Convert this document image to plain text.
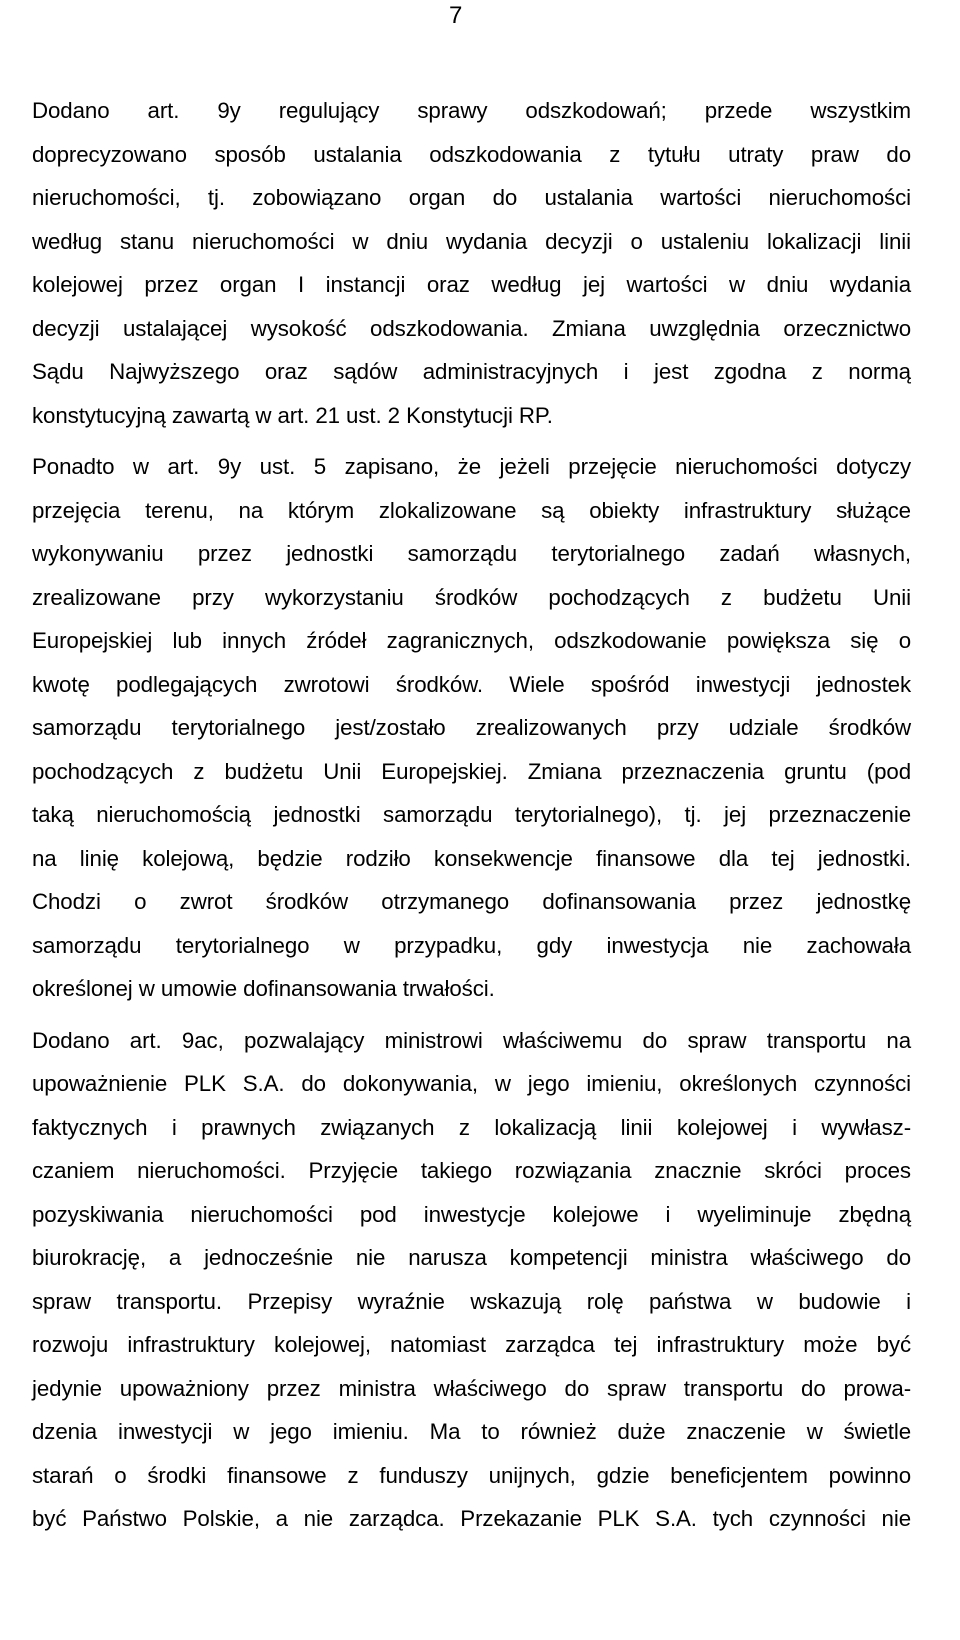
7

Dodano art. 9y regulujący sprawy odszkodowań; przede wszystkim
doprecyzowano sposób ustalania odszkodowania z tytułu utraty praw do
nieruchomości, tj. zobowiązano organ do ustalania wartości nieruchomości
według stanu nieruchomości w dniu wydania decyzji o ustaleniu lokalizacji linii
kolejowej przez organ I instancji oraz według jej wartości w dniu wydania
decyzji ustalającej wysokość odszkodowania. Zmiana uwzględnia orzecznictwo
Sądu Najwyższego oraz sądów administracyjnych i jest zgodna z normą
konstytucyjną zawartą w art. 21 ust. 2 Konstytucji RP.

Ponadto w art. 9y ust. 5 zapisano, że jeżeli przejęcie nieruchomości dotyczy
przejęcia terenu, na którym zlokalizowane są obiekty infrastruktury służące
wykonywaniu przez jednostki samorządu terytorialnego zadań własnych,
zrealizowane przy wykorzystaniu środków pochodzących z budżetu Unii
Europejskiej lub innych źródeł zagranicznych, odszkodowanie powiększa się o
kwotę podlegających zwrotowi środków. Wiele spośród inwestycji jednostek
samorządu terytorialnego jest/zostało zrealizowanych przy udziale środków
pochodzących z budżetu Unii Europejskiej. Zmiana przeznaczenia gruntu (pod
taką nieruchomością jednostki samorządu terytorialnego), tj. jej przeznaczenie
na linię kolejową, będzie rodziło konsekwencje finansowe dla tej jednostki.
Chodzi o zwrot środków otrzymanego dofinansowania przez jednostkę
samorządu terytorialnego w przypadku, gdy inwestycja nie zachowała
określonej w umowie dofinansowania trwałości.

Dodano art. 9ac, pozwalający ministrowi właściwemu do spraw transportu na
upoważnienie PLK S.A. do dokonywania, w jego imieniu, określonych czynności
faktycznych i prawnych związanych z lokalizacją linii kolejowej i wywłasz-
czaniem nieruchomości. Przyjęcie takiego rozwiązania znacznie skróci proces
pozyskiwania nieruchomości pod inwestycje kolejowe i wyeliminuje zbędną
biurokrację, a jednocześnie nie narusza kompetencji ministra właściwego do
spraw transportu. Przepisy wyraźnie wskazują rolę państwa w budowie i
rozwoju infrastruktury kolejowej, natomiast zarządca tej infrastruktury może być
jedynie upoważniony przez ministra właściwego do spraw transportu do prowa-
dzenia inwestycji w jego imieniu. Ma to również duże znaczenie w świetle
starań o środki finansowe z funduszy unijnych, gdzie beneficjentem powinno
być Państwo Polskie, a nie zarządca. Przekazanie PLK S.A. tych czynności nie
